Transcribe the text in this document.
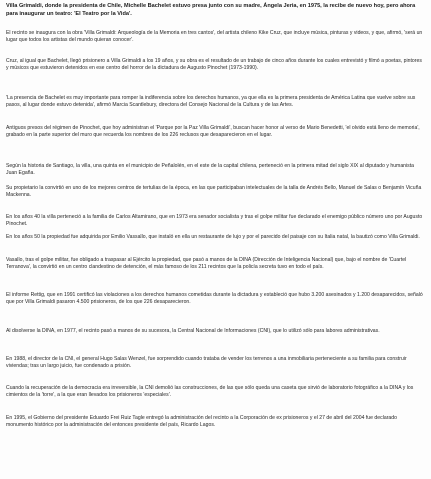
Villa Grimaldi, donde la presidenta de Chile, Michelle Bachelet estuvo presa junto con su madre, Ángela Jeria, en 1975, la recibe de nuevo hoy, pero ahora para inaugurar un teatro: 'El Teatro por la Vida'.

El recinto se inaugura con la obra 'Villa Grimaldi: Arqueología de la Memoria en tres cantos', del artista chileno Kike Cruz, que incluye música, pinturas y videos, y que, afirmó, 'será un lugar que todos los artistas del mundo quieran conocer'.

Cruz, al igual que Bachelet, llegó prisionero a Villa Grimaldi a los 19 años, y su obra es el resultado de un trabajo de cinco años durante los cuales entrevistó y filmó a poetas, pintores y músicos que estuvieron detenidos en ese centro del horror de la dictadura de Augusto Pinochet (1973-1990).

'La presencia de Bachelet es muy importante para romper la indiferencia sobre los derechos humanos, ya que ella es la primera presidenta de América Latina que vuelve sobre sus pasos, al lugar donde estuvo detenida', afirmó Marcia Scantlebury, directora del Consejo Nacional de la Cultura y de las Artes.

Antiguos presos del régimen de Pinochet, que hoy administran el 'Parque por la Paz Villa Grimaldi', buscan hacer honor al verso de Mario Benedetti, 'el olvido está lleno de memoria', grabado en la parte superior del muro que recuerda los nombres de los 226 reclusos que desaparecieron en el lugar.

Según la historia de Santiago, la villa, una quinta en el municipio de Peñalolén, en el este de la capital chilena, perteneció en la primera mitad del siglo XIX al diputado y humanista Juan Egaña.

Su propietario la convirtió en uno de los mejores centros de tertulias de la época, en las que participaban intelectuales de la talla de Andrés Bello, Manuel de Salas o Benjamín Vicuña Mackenna.

En los años 40 la villa perteneció a la familia de Carlos Altamirano, que en 1973 era senador socialista y tras el golpe militar fue declarado el enemigo público número uno por Augusto Pinochet.

En los años 50 la propiedad fue adquirida por Emilio Vassallo, que instaló en ella un restaurante de lujo y por el parecido del paisaje con su Italia natal, la bautizó como Villa Grimaldi.

Vasallo, tras el golpe militar, fue obligado a traspasar al Ejército la propiedad, que pasó a manos de la DINA (Dirección de Inteligencia Nacional) que, bajo el nombre de 'Cuartel Terranova', la convirtió en un centro clandestino de detención, el más famoso de los 211 recintos que la policía secreta tuvo en todo el país.

El informe Rettig, que en 1991 certificó las violaciones a los derechos humanos cometidas durante la dictadura y estableció que hubo 3.200 asesinados y 1.200 desaparecidos, señaló que por Villa Grimaldi pasaron 4.500 prisioneros, de los que 226 desaparecieron.

Al disolverse la DINA, en 1977, el recinto pasó a manos de su sucesora, la Central Nacional de Informaciones (CNI), que lo utilizó sólo para labores administrativas.

En 1988, el director de la CNI, el general Hugo Salas Wenzel, fue sorprendido cuando trataba de vender los terrenos a una inmobiliaria perteneciente a su familia para construir viviendas; tras un largo juicio, fue condenado a prisión.

Cuando la recuperación de la democracia era irreversible, la CNI demolió las construcciones, de las que sólo queda una caseta que sirvió de laboratorio fotográfico a la DINA y los cimientos de la 'torre', a la que eran llevados los prisioneros 'especiales'.

En 1995, el Gobierno del presidente Eduardo Frei Ruiz Tagle entregó la administración del recinto a la Corporación de ex prisioneros y el 27 de abril del 2004 fue declarado monumento histórico por la administración del entonces presidente del país, Ricardo Lagos.
